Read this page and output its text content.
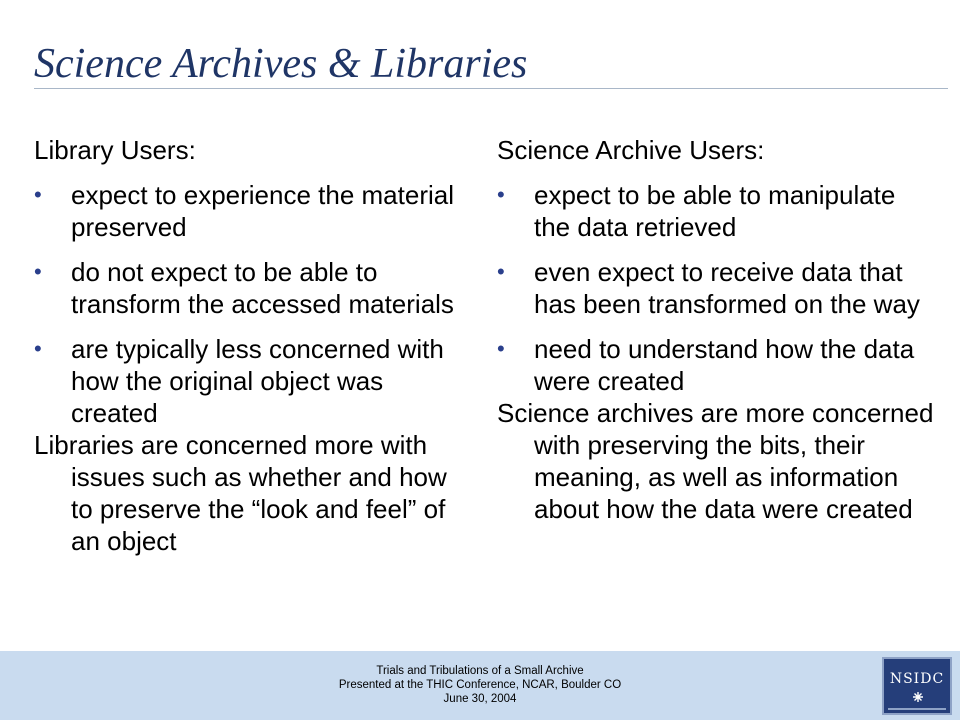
Science Archives & Libraries

Library Users:

• expect to experience the material preserved
• do not expect to be able to transform the accessed materials
• are typically less concerned with how the original object was created

Libraries are concerned more with issues such as whether and how to preserve the “look and feel” of an object

Science Archive Users:

• expect to be able to manipulate the data retrieved
• even expect to receive data that has been transformed on the way
• need to understand how the data were created

Science archives are more concerned with preserving the bits, their meaning, as well as information about how the data were created

Trials and Tribulations of a Small Archive
Presented at the THIC Conference, NCAR, Boulder CO
June 30, 2004
NSIDC
